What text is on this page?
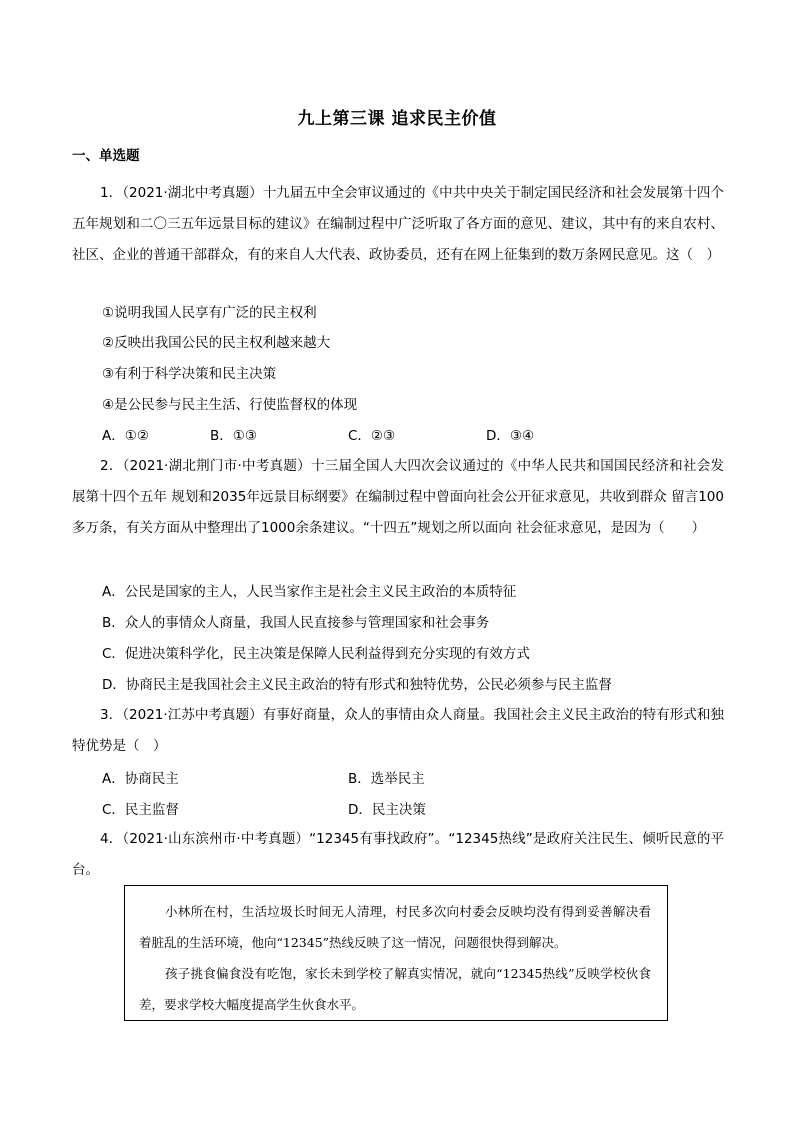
九上第三课 追求民主价值
一、单选题
1．（2021·湖北中考真题）十九届五中全会审议通过的《中共中央关于制定国民经济和社会发展第十四个五年规划和二〇三五年远景目标的建议》在编制过程中广泛听取了各方面的意见、建议，其中有的来自农村、社区、企业的普通干部群众，有的来自人大代表、政协委员，还有在网上征集到的数万条网民意见。这（　）
①说明我国人民享有广泛的民主权利
②反映出我国公民的民主权利越来越大
③有利于科学决策和民主决策
④是公民参与民主生活、行使监督权的体现
A．①②	B．①③	C．②③	D．③④
2．（2021·湖北荆门市·中考真题）十三届全国人大四次会议通过的《中华人民共和国国民经济和社会发展第十四个五年 规划和2035年远景目标纲要》在编制过程中曾面向社会公开征求意见，共收到群众 留言100多万条，有关方面从中整理出了1000余条建议。“十四五”规划之所以面向 社会征求意见，是因为（　　）
A．公民是国家的主人，人民当家作主是社会主义民主政治的本质特征
B．众人的事情众人商量，我国人民直接参与管理国家和社会事务
C．促进决策科学化，民主决策是保障人民利益得到充分实现的有效方式
D．协商民主是我国社会主义民主政治的特有形式和独特优势，公民必须参与民主监督
3．（2021·江苏中考真题）有事好商量，众人的事情由众人商量。我国社会主义民主政治的特有形式和独特优势是（　）
A．协商民主	B．选举民主
C．民主监督	D．民主决策
4．（2021·山东滨州市·中考真题）“12345有事找政府”。“12345热线”是政府关注民生、倾听民意的平台。

小林所在村，生活垃圾长时间无人清理，村民多次向村委会反映均没有得到妥善解决看着脏乱的生活环境，他向“12345”热线反映了这一情况，问题很快得到解决。

孩子挑食偏食没有吃饱，家长未到学校了解真实情况，就向“12345热线”反映学校伙食差，要求学校大幅度提高学生伙食水平。
